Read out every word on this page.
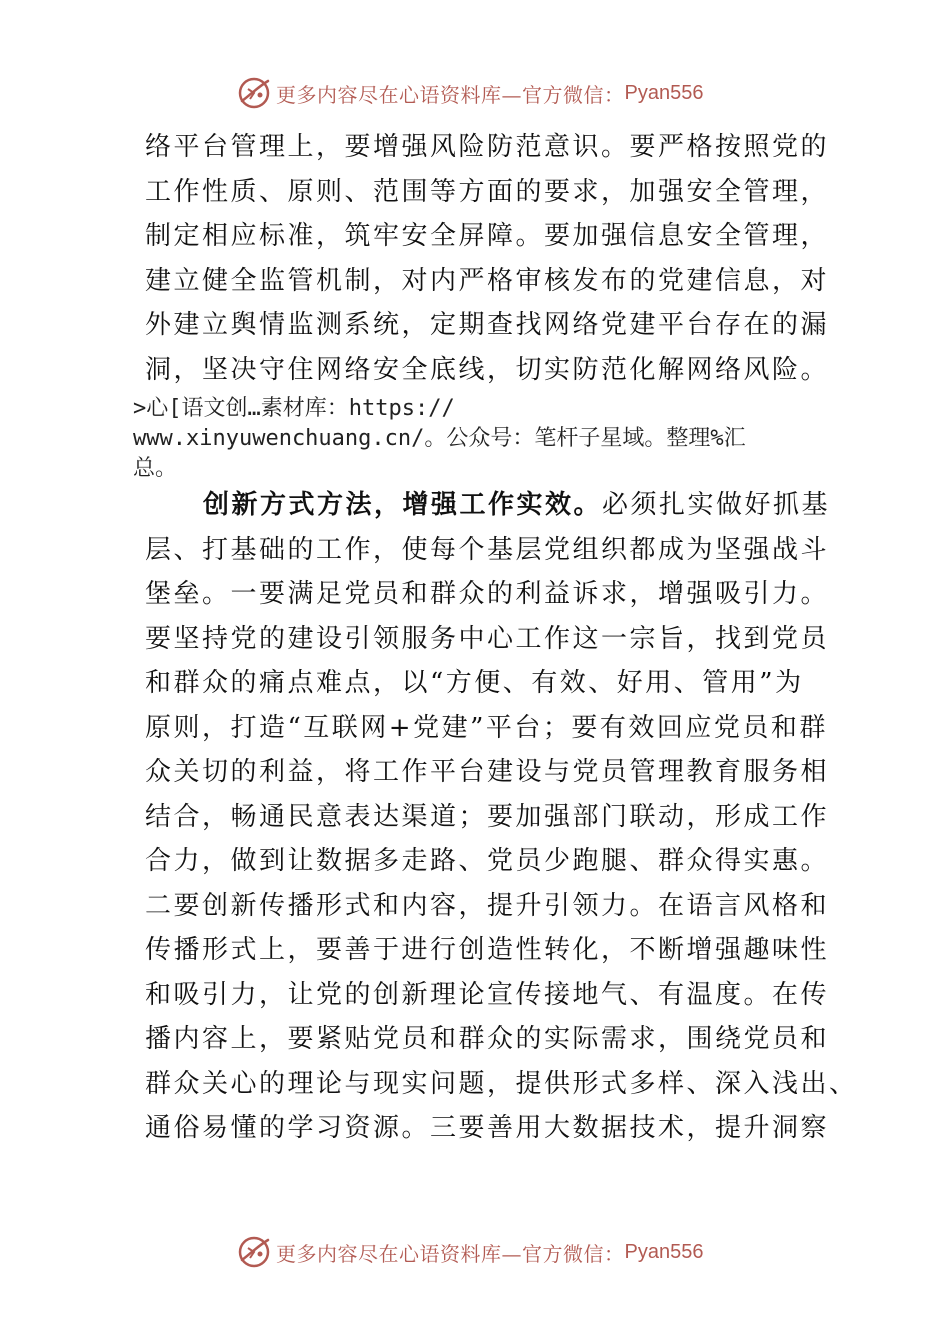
更多内容尽在心语资料库—官方微信： Pyan556
络平台管理上，要增强风险防范意识。要严格按照党的
工作性质、原则、范围等方面的要求，加强安全管理，
制定相应标准，筑牢安全屏障。要加强信息安全管理，
建立健全监管机制，对内严格审核发布的党建信息，对
外建立舆情监测系统，定期查找网络党建平台存在的漏
洞，坚决守住网络安全底线，切实防范化解网络风险。
>心[语文创…素材库：https://
www.xinyuwenchuang.cn/。公众号：笔杆子星域。整理%汇
总。
创新方式方法，增强工作实效。必须扎实做好抓基
层、打基础的工作，使每个基层党组织都成为坚强战斗
堡垒。一要满足党员和群众的利益诉求，增强吸引力。
要坚持党的建设引领服务中心工作这一宗旨，找到党员
和群众的痛点难点，以“方便、有效、好用、管用”为
原则，打造“互联网+党建”平台；要有效回应党员和群
众关切的利益，将工作平台建设与党员管理教育服务相
结合，畅通民意表达渠道；要加强部门联动，形成工作
合力，做到让数据多走路、党员少跑腿、群众得实惠。
二要创新传播形式和内容，提升引领力。在语言风格和
传播形式上，要善于进行创造性转化，不断增强趣味性
和吸引力，让党的创新理论宣传接地气、有温度。在传
播内容上，要紧贴党员和群众的实际需求，围绕党员和
群众关心的理论与现实问题，提供形式多样、深入浅出、
通俗易懂的学习资源。三要善用大数据技术，提升洞察
更多内容尽在心语资料库—官方微信： Pyan556
